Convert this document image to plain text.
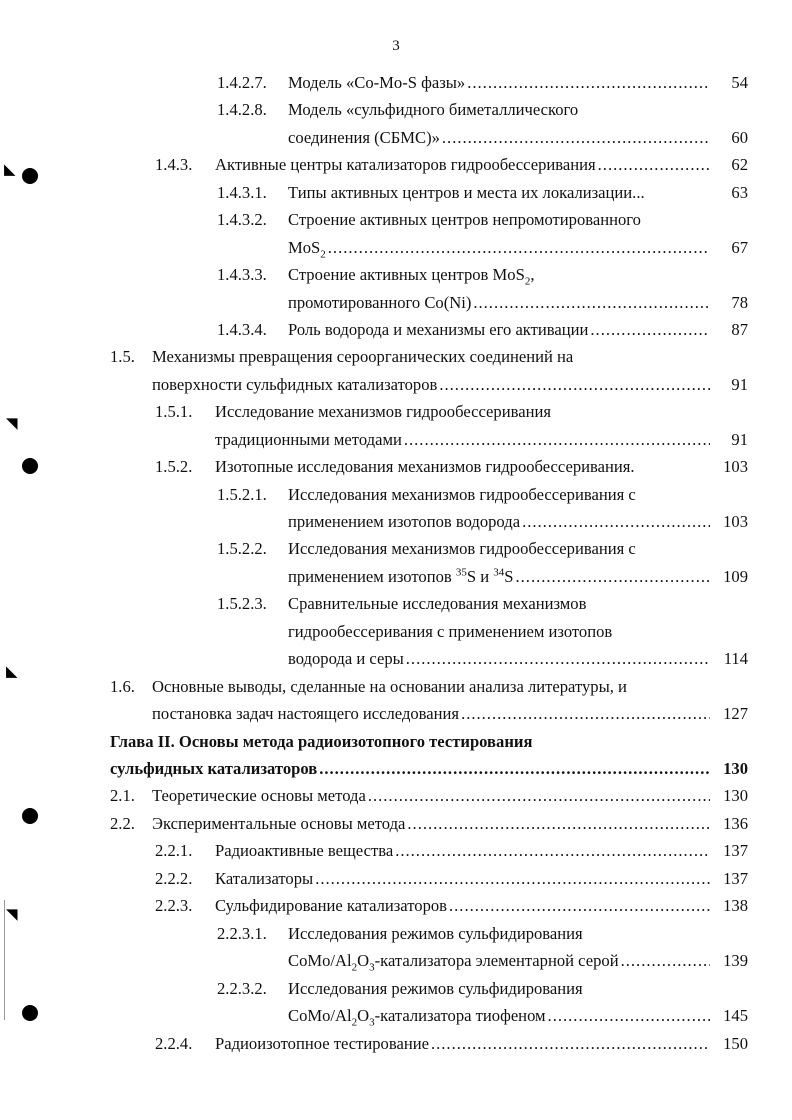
3
◣
◥
◣
◥
1.4.2.7. Модель «Co-Mo-S фазы»	54
.....
1.4.2.8. Модель «сульфидного биметаллического
соединения (СБМС)»	60
.....
1.4.3. Активные центры катализаторов гидрообессеривания	62
.....
1.4.3.1. Типы активных центров и места их локализации...	63
1.4.3.2. Строение активных центров непромотированного
MoS$_2$	67
.....
1.4.3.3. Строение активных центров MoS$_2$,
промотированного Co(Ni)	78
.....
1.4.3.4. Роль водорода и механизмы его активации	87
.....
1.5. Механизмы превращения сероорганических соединений на
поверхности сульфидных катализаторов	91
.....
1.5.1. Исследование механизмов гидрообессеривания
традиционными методами	91
.....
1.5.2. Изотопные исследования механизмов гидрообессеривания.	103
1.5.2.1. Исследования механизмов гидрообессеривания с
применением изотопов водорода	103
.....
1.5.2.2. Исследования механизмов гидрообессеривания с
применением изотопов $^{35}$S и $^{34}$S	109
.....
1.5.2.3. Сравнительные исследования механизмов
гидрообессеривания с применением изотопов
водорода и серы	114
.....
1.6. Основные выводы, сделанные на основании анализа литературы, и
постановка задач настоящего исследования	127
.....
Глава II. Основы метода радиоизотопного тестирования
сульфидных катализаторов	130
.....
2.1. Теоретические основы метода	130
.....
2.2. Экспериментальные основы метода	136
.....
2.2.1. Радиоактивные вещества	137
.....
2.2.2. Катализаторы	137
.....
2.2.3. Сульфидирование катализаторов	138
.....
2.2.3.1. Исследования режимов сульфидирования
CoMo/$Al_2O_3$-катализатора элементарной серой	139
.....
2.2.3.2. Исследования режимов сульфидирования
CoMo/$Al_2O_3$-катализатора тиофеном	145
.....
2.2.4. Радиоизотопное тестирование	150
.....
